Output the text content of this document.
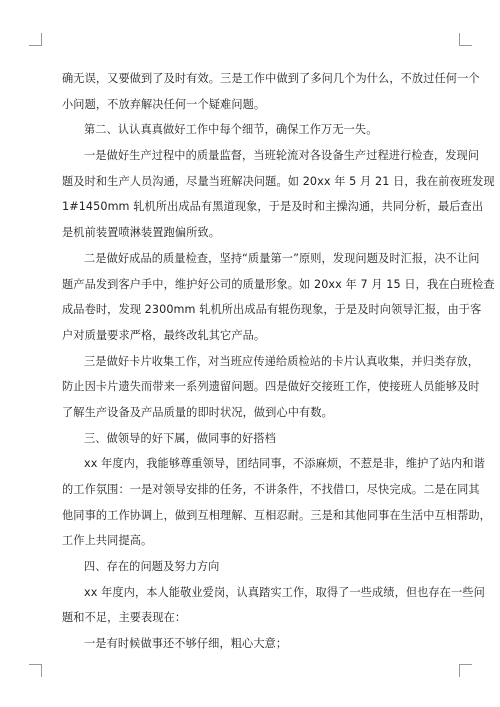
确无误，又要做到了及时有效。三是工作中做到了多问几个为什么，不放过任何一个
小问题，不放弃解决任何一个疑难问题。
第二、认认真真做好工作中每个细节，确保工作万无一失。
一是做好生产过程中的质量监督，当班轮流对各设备生产过程进行检查，发现问
题及时和生产人员沟通，尽量当班解决问题。如 20xx 年 5 月 21 日，我在前夜班发现
1#1450mm 轧机所出成品有黑道现象，于是及时和主操沟通，共同分析，最后查出
是机前装置喷淋装置跑偏所致。
二是做好成品的质量检查，坚持“质量第一”原则，发现问题及时汇报，决不让问
题产品发到客户手中，维护好公司的质量形象。如 20xx 年 7 月 15 日，我在白班检查
成品卷时，发现 2300mm 轧机所出成品有辊伤现象，于是及时向领导汇报，由于客
户对质量要求严格，最终改轧其它产品。
三是做好卡片收集工作，对当班应传递给质检站的卡片认真收集，并归类存放，
防止因卡片遗失而带来一系列遗留问题。四是做好交接班工作，使接班人员能够及时
了解生产设备及产品质量的即时状况，做到心中有数。
三、做领导的好下属，做同事的好搭档
xx 年度内，我能够尊重领导，团结同事，不添麻烦，不惹是非，维护了站内和谐
的工作氛围：一是对领导安排的任务，不讲条件，不找借口，尽快完成。二是在同其
他同事的工作协调上，做到互相理解、互相忍耐。三是和其他同事在生活中互相帮助，
工作上共同提高。
四、存在的问题及努力方向
xx 年度内，本人能敬业爱岗，认真踏实工作，取得了一些成绩，但也存在一些问
题和不足，主要表现在：
一是有时候做事还不够仔细，粗心大意；
